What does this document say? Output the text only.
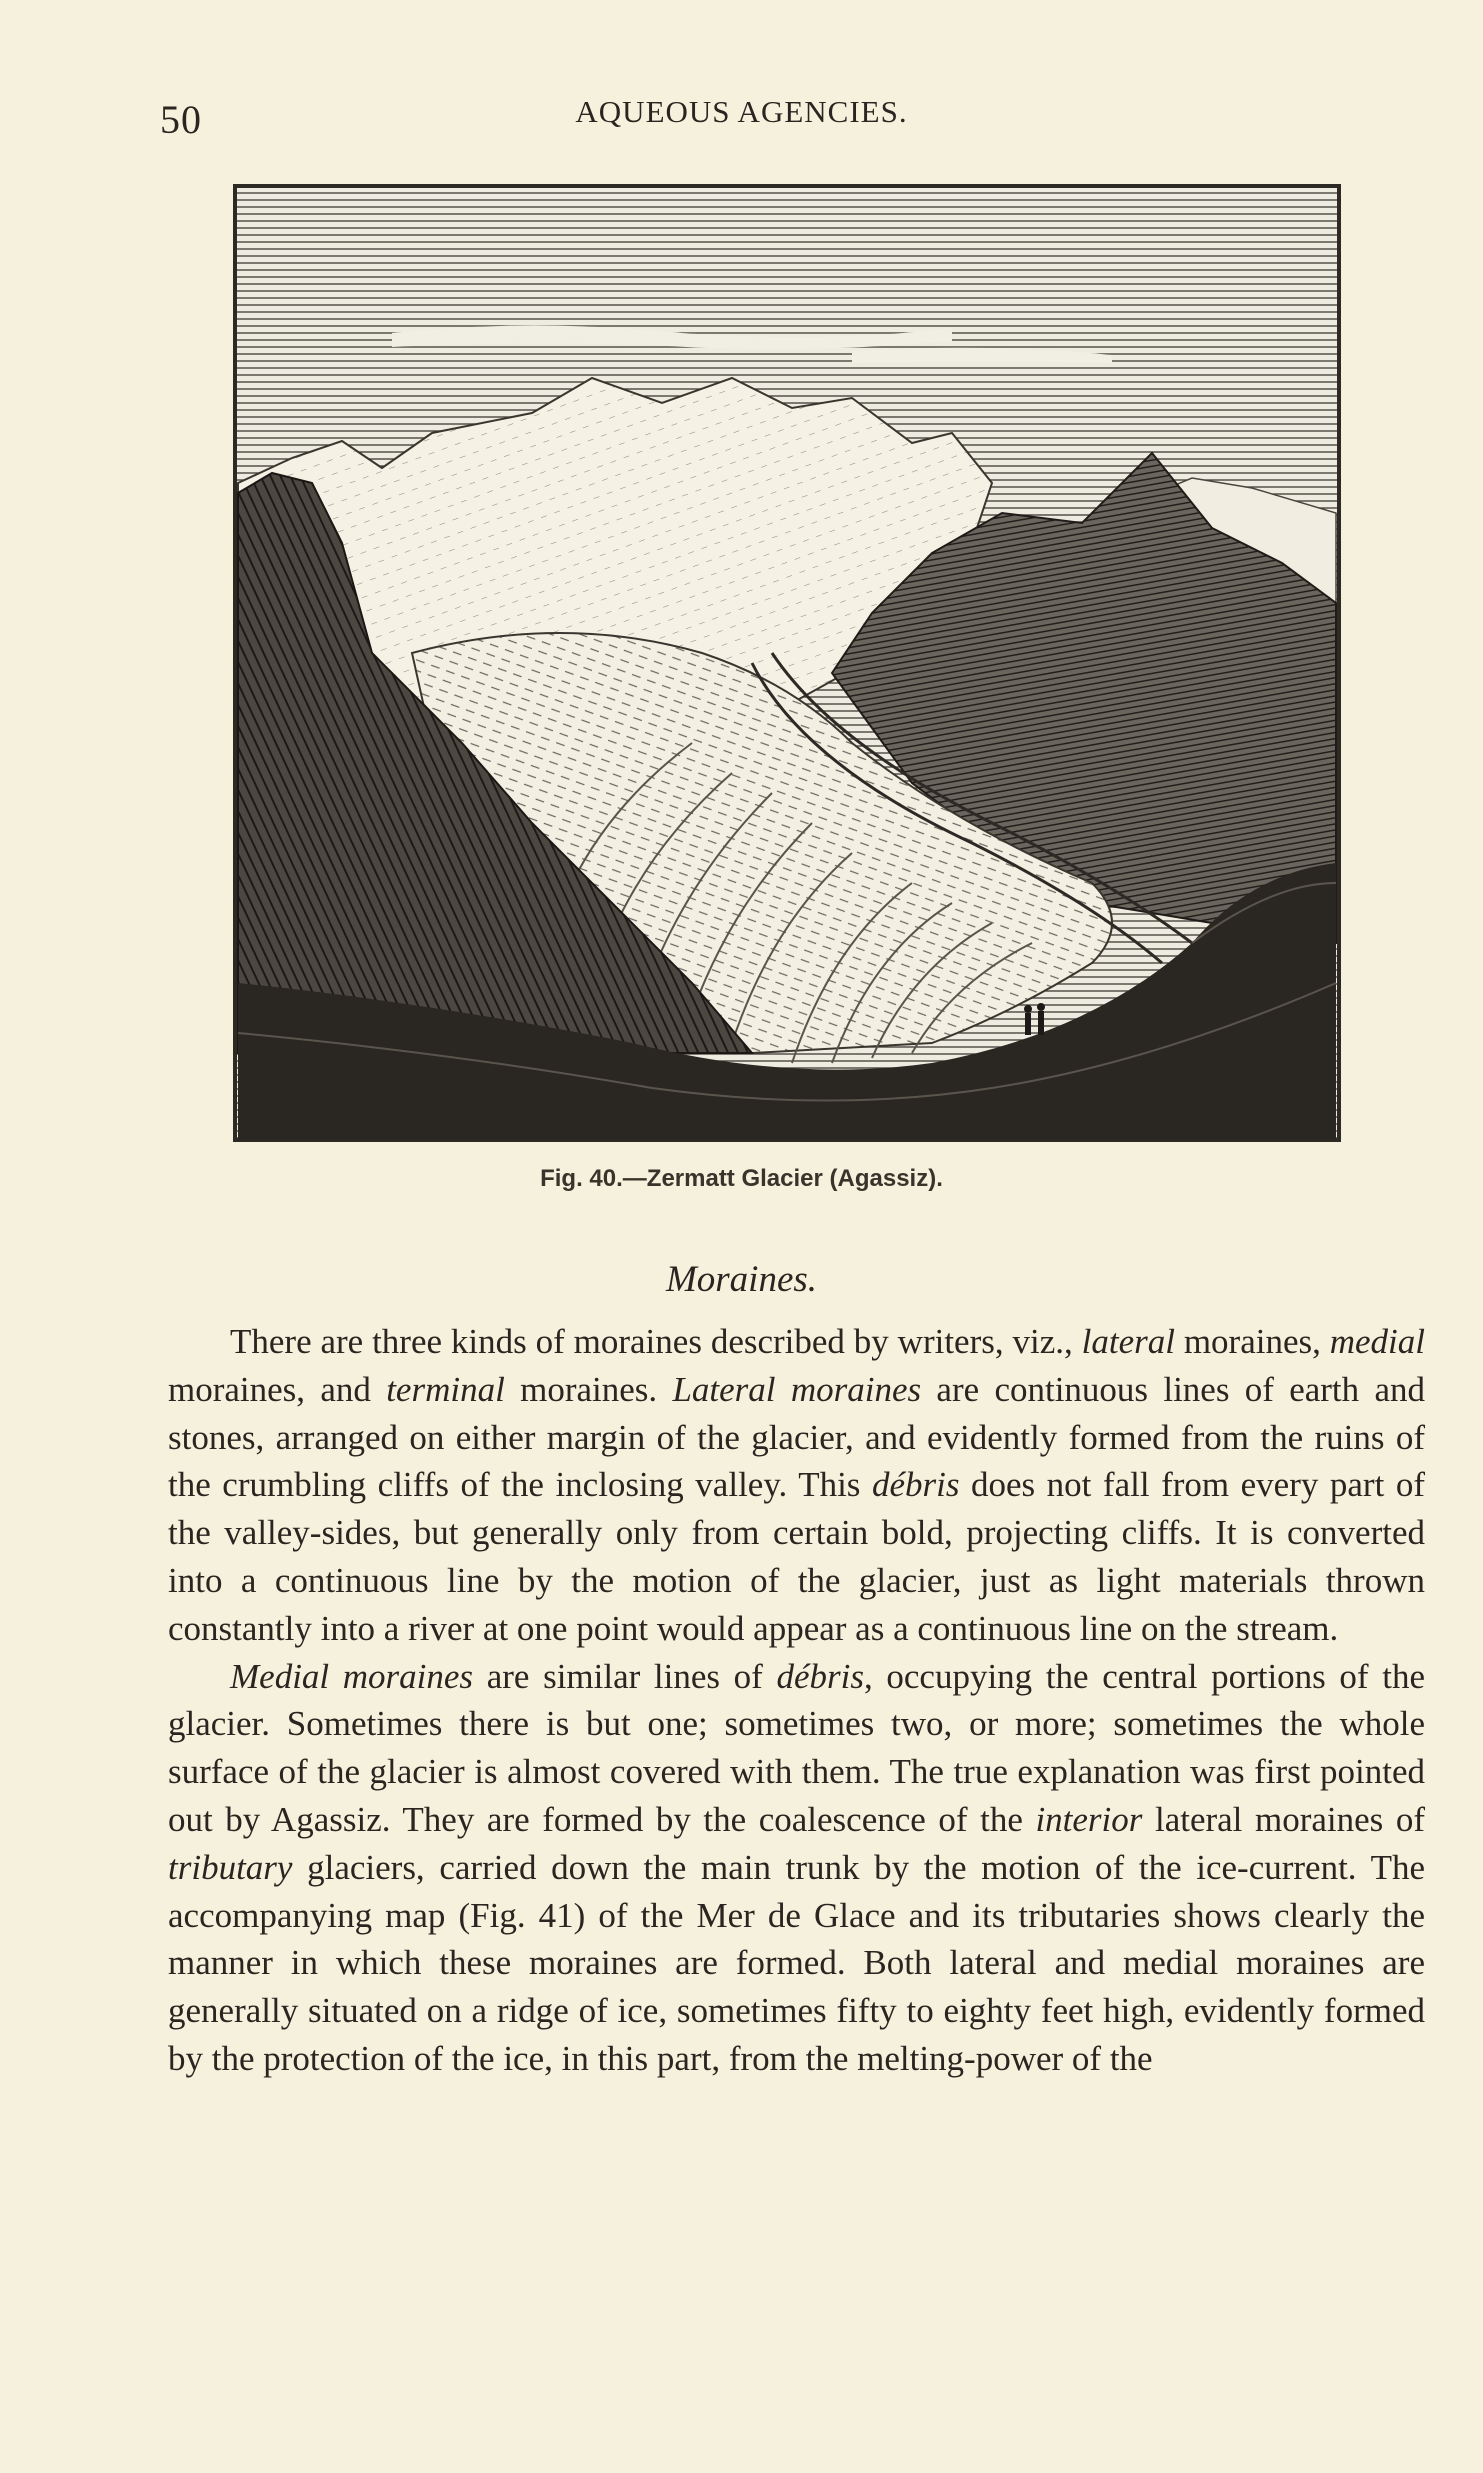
50	AQUEOUS AGENCIES.
Fig. 40.—Zermatt Glacier (Agassiz).
Moraines.

There are three kinds of moraines described by writers, viz., lateral moraines, medial moraines, and terminal moraines. Lateral moraines are continuous lines of earth and stones, arranged on either margin of the glacier, and evidently formed from the ruins of the crumbling cliffs of the inclosing valley. This débris does not fall from every part of the valley-sides, but generally only from certain bold, projecting cliffs. It is converted into a continuous line by the motion of the glacier, just as light materials thrown constantly into a river at one point would appear as a continuous line on the stream.

Medial moraines are similar lines of débris, occupying the central portions of the glacier. Sometimes there is but one; sometimes two, or more; sometimes the whole surface of the glacier is almost covered with them. The true explanation was first pointed out by Agassiz. They are formed by the coalescence of the interior lateral moraines of tributary glaciers, carried down the main trunk by the motion of the ice-current. The accompanying map (Fig. 41) of the Mer de Glace and its tributaries shows clearly the manner in which these moraines are formed. Both lateral and medial moraines are generally situated on a ridge of ice, sometimes fifty to eighty feet high, evidently formed by the protection of the ice, in this part, from the melting-power of the
